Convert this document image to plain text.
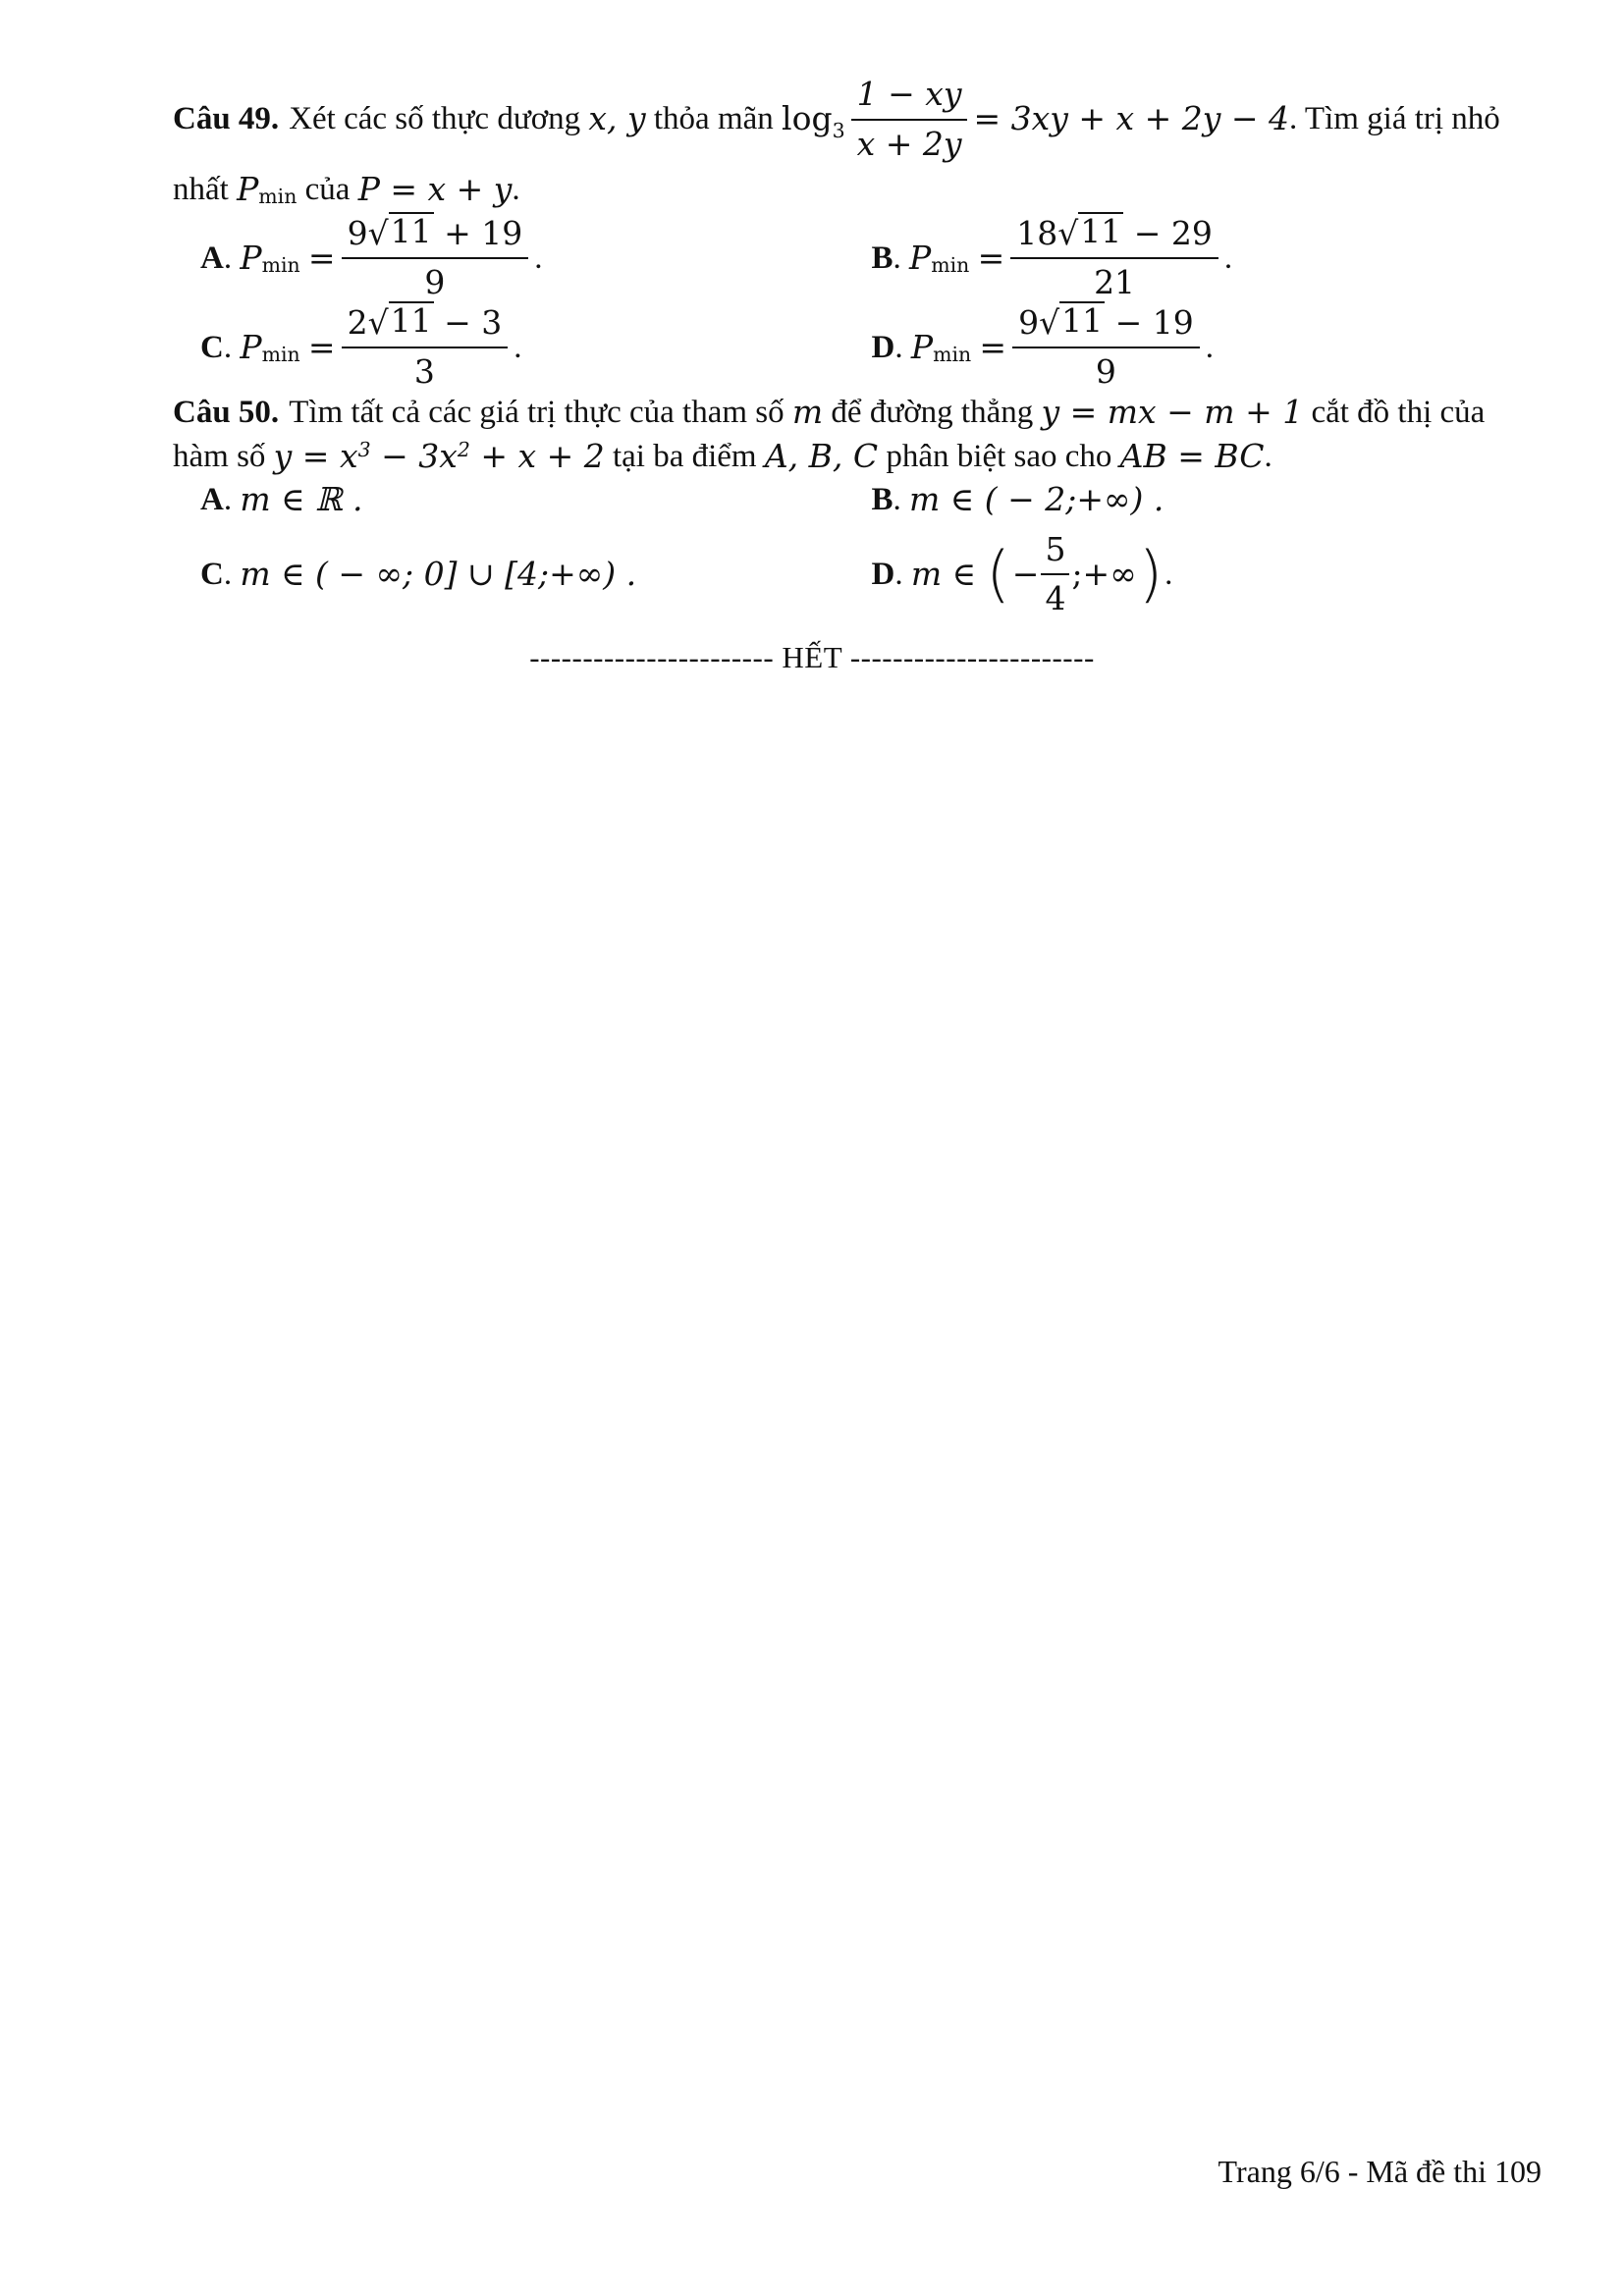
Câu 49. Xét các số thực dương
x, y
thỏa mãn
$\log_3 \frac{1 - xy}{x + 2y} = 3xy + x + 2y - 4$ . Tìm giá trị nhỏ
nhất
P min
của
P = x + y .
A . P min
= $\frac{9√ 11 + 19}{9}$ .	B . P min
= $\frac{18√ 11 - 29}{21}$ .
C . P min
= $\frac{2√ 11 - 3}{3}$ .	D . P min
= $\frac{9√ 11 - 19}{9}$ .
Câu 50. Tìm tất cả các giá trị thực của tham số
m
để đường thẳng
y = mx − m + 1
cắt đồ thị của
hàm số
$y = x^3 - 3x^2 + x + 2$
tại ba điểm
A, B, C
phân biệt sao cho
AB = BC .
A . m ∈ ℝ .	B . m ∈ ( − 2;+∞) .
C . m ∈ ( − ∞; 0] ∪ [4;+∞) .	D . m ∈
( − $\frac{5}{4}$ ;+∞ ) .
----------------------- HẾT -----------------------
Trang 6/6 - Mã đề thi 109
